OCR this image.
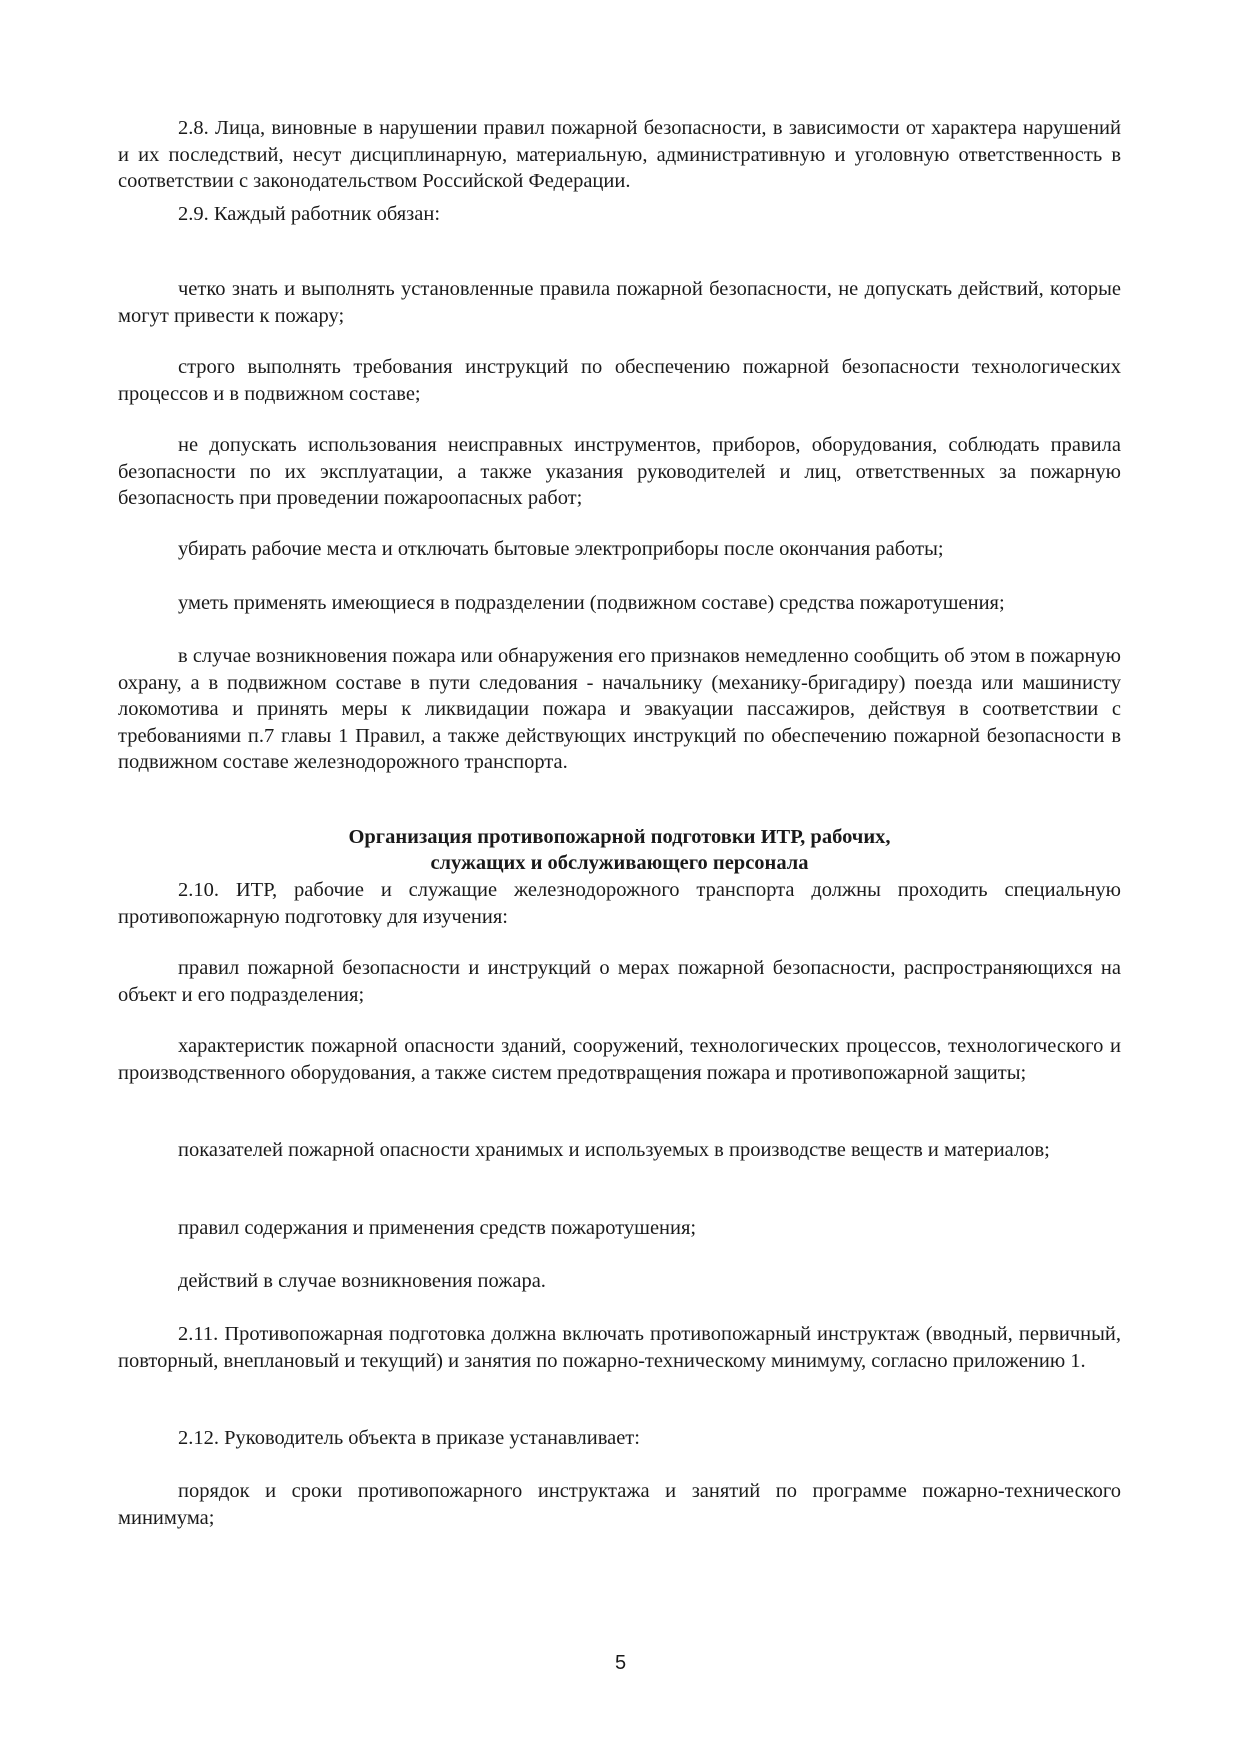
2.8. Лица, виновные в нарушении правил пожарной безопасности, в зависимости от характера нарушений и их последствий, несут дисциплинарную, материальную, административную и уголовную ответственность в соответствии с законодательством Российской Федерации.

2.9. Каждый работник обязан:

четко знать и выполнять установленные правила пожарной безопасности, не допускать действий, которые могут привести к пожару;

строго выполнять требования инструкций по обеспечению пожарной безопасности технологических процессов и в подвижном составе;

не допускать использования неисправных инструментов, приборов, оборудования, соблюдать правила безопасности по их эксплуатации, а также указания руководителей и лиц, ответственных за пожарную безопасность при проведении пожароопасных работ;

убирать рабочие места и отключать бытовые электроприборы после окончания работы;

уметь применять имеющиеся в подразделении (подвижном составе) средства пожаротушения;

в случае возникновения пожара или обнаружения его признаков немедленно сообщить об этом в пожарную охрану, а в подвижном составе в пути следования - начальнику (механику-бригадиру) поезда или машинисту локомотива и принять меры к ликвидации пожара и эвакуации пассажиров, действуя в соответствии с требованиями п.7 главы 1 Правил, а также действующих инструкций по обеспечению пожарной безопасности в подвижном составе железнодорожного транспорта.

Организация противопожарной подготовки ИТР, рабочих,
служащих и обслуживающего персонала

2.10. ИТР, рабочие и служащие железнодорожного транспорта должны проходить специальную противопожарную подготовку для изучения:

правил пожарной безопасности и инструкций о мерах пожарной безопасности, распространяющихся на объект и его подразделения;

характеристик пожарной опасности зданий, сооружений, технологических процессов, технологического и производственного оборудования, а также систем предотвращения пожара и противопожарной защиты;

показателей пожарной опасности хранимых и используемых в производстве веществ и материалов;

правил содержания и применения средств пожаротушения;

действий в случае возникновения пожара.

2.11. Противопожарная подготовка должна включать противопожарный инструктаж (вводный, первичный, повторный, внеплановый и текущий) и занятия по пожарно-техническому минимуму, согласно приложению 1.

2.12. Руководитель объекта в приказе устанавливает:

порядок и сроки противопожарного инструктажа и занятий по программе пожарно-технического минимума;

5
